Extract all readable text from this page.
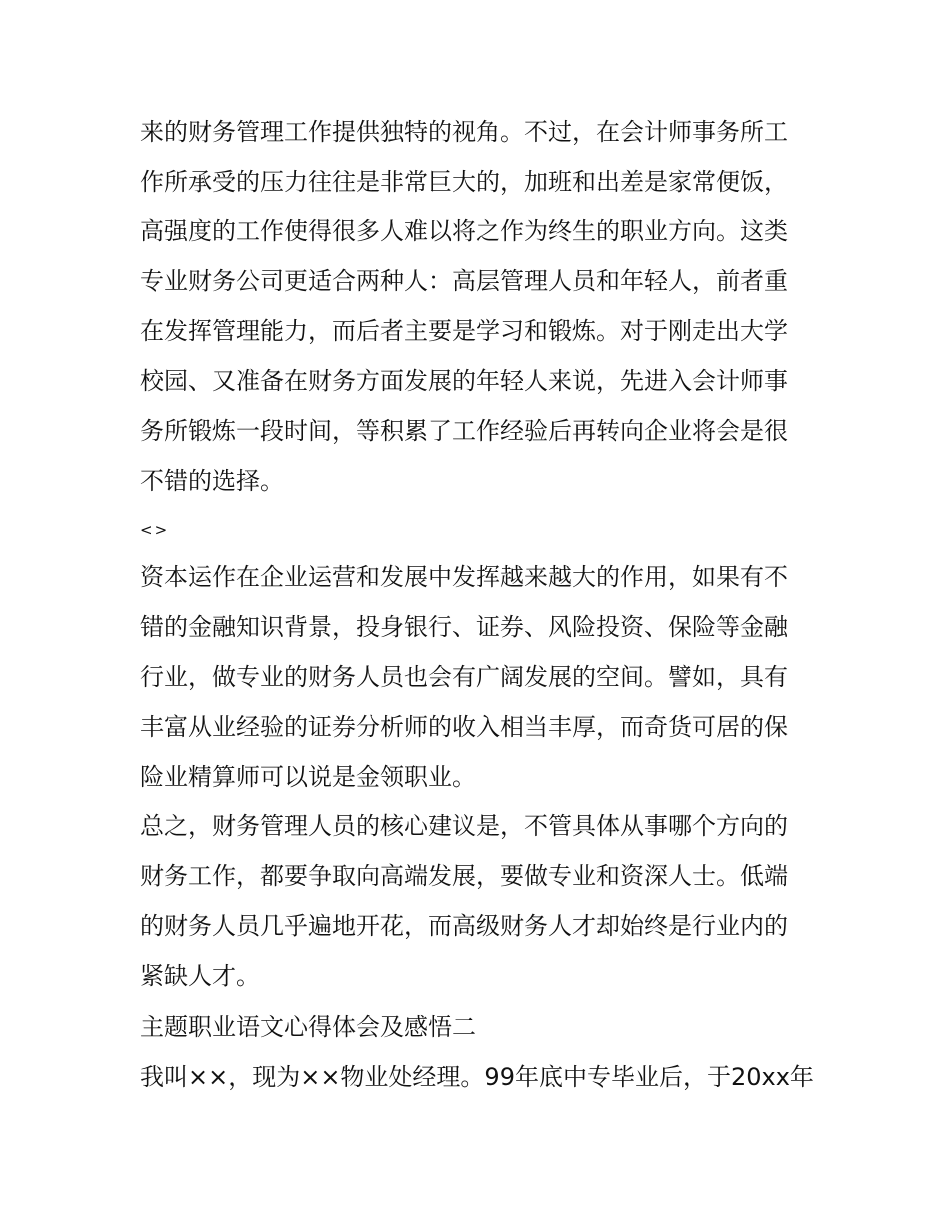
来的财务管理工作提供独特的视角。不过，在会计师事务所工
作所承受的压力往往是非常巨大的，加班和出差是家常便饭，
高强度的工作使得很多人难以将之作为终生的职业方向。这类
专业财务公司更适合两种人：高层管理人员和年轻人，前者重
在发挥管理能力，而后者主要是学习和锻炼。对于刚走出大学
校园、又准备在财务方面发展的年轻人来说，先进入会计师事
务所锻炼一段时间，等积累了工作经验后再转向企业将会是很
不错的选择。
<>
资本运作在企业运营和发展中发挥越来越大的作用，如果有不
错的金融知识背景，投身银行、证券、风险投资、保险等金融
行业，做专业的财务人员也会有广阔发展的空间。譬如，具有
丰富从业经验的证券分析师的收入相当丰厚，而奇货可居的保
险业精算师可以说是金领职业。
总之，财务管理人员的核心建议是，不管具体从事哪个方向的
财务工作，都要争取向高端发展，要做专业和资深人士。低端
的财务人员几乎遍地开花，而高级财务人才却始终是行业内的
紧缺人才。
主题职业语文心得体会及感悟二
我叫××，现为××物业处经理。99年底中专毕业后，于20xx年
